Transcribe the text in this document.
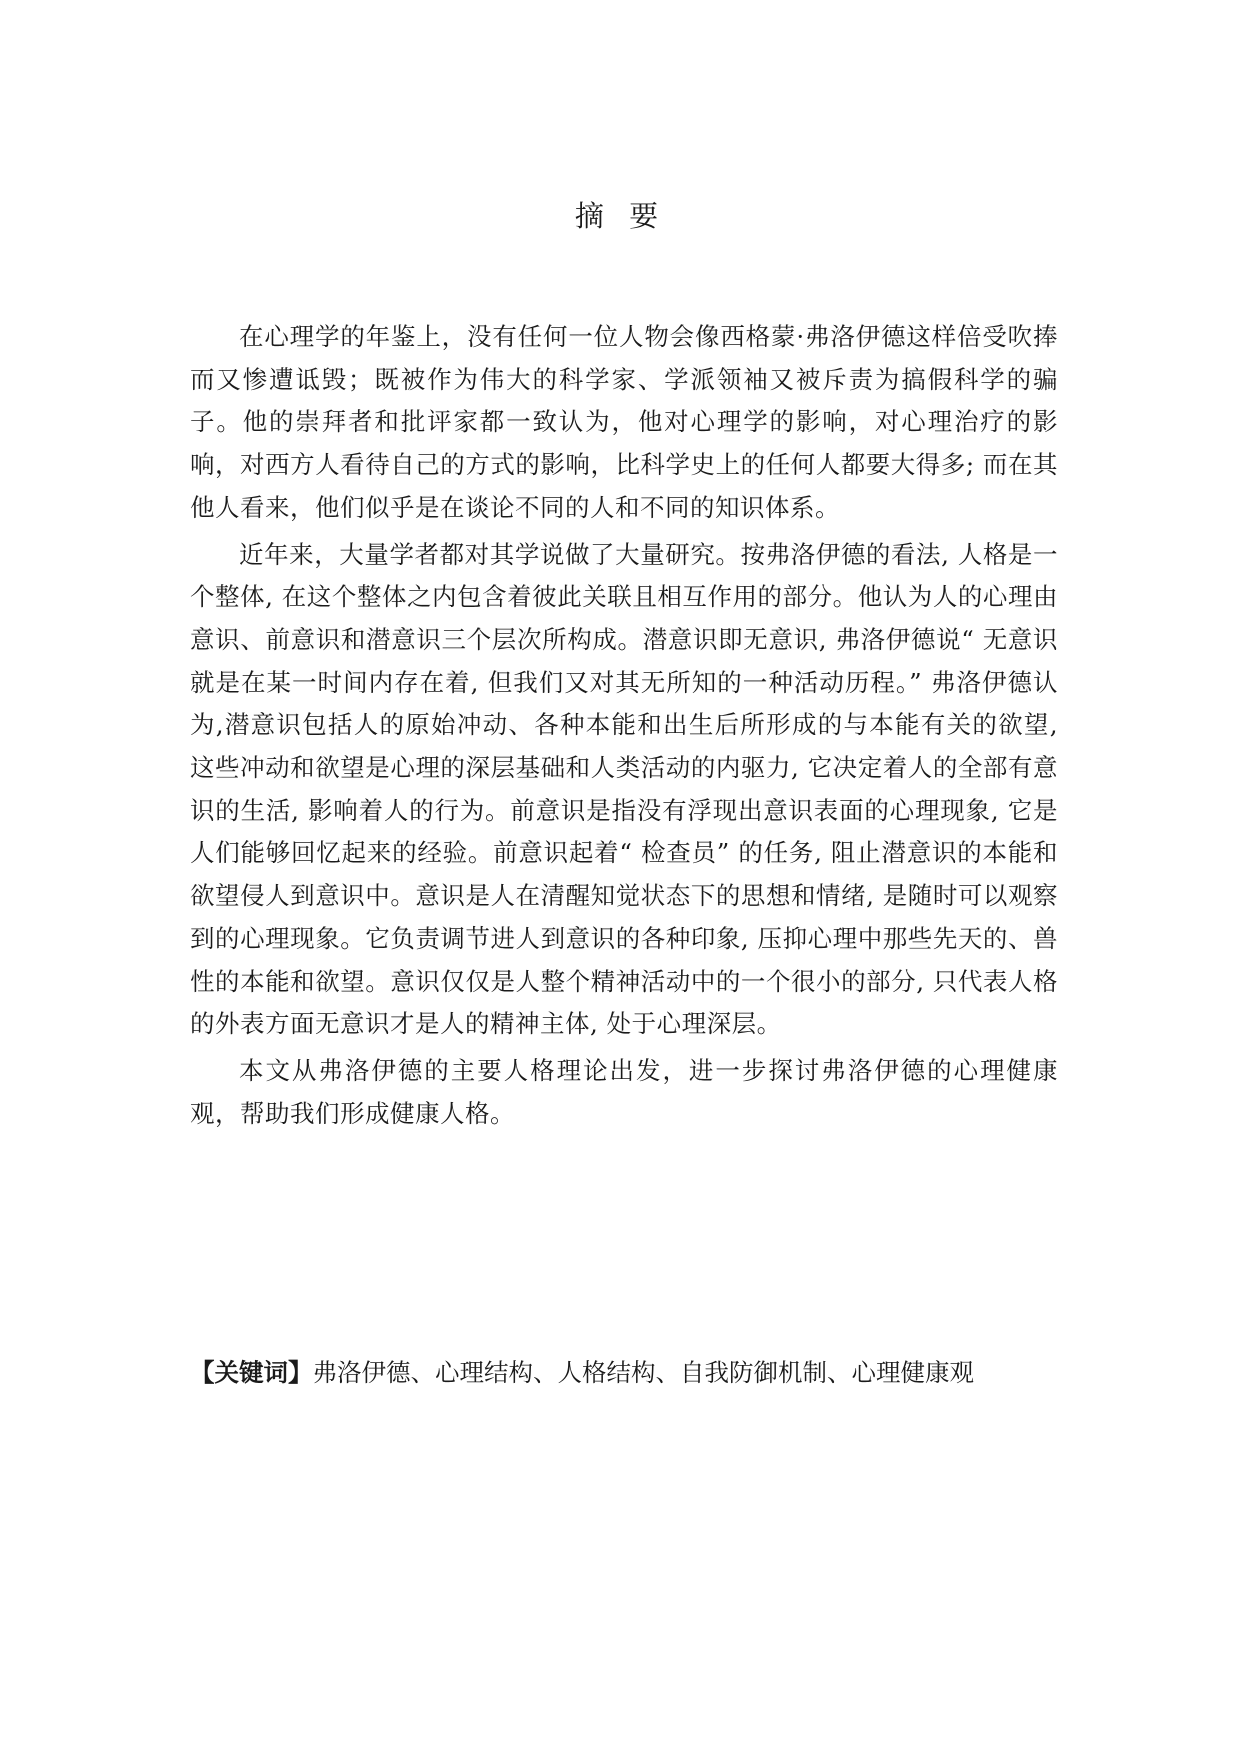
摘 要

在心理学的年鉴上，没有任何一位人物会像西格蒙·弗洛伊德这样倍受吹捧而又惨遭诋毁；既被作为伟大的科学家、学派领袖又被斥责为搞假科学的骗子。他的崇拜者和批评家都一致认为，他对心理学的影响，对心理治疗的影响，对西方人看待自己的方式的影响，比科学史上的任何人都要大得多; 而在其他人看来，他们似乎是在谈论不同的人和不同的知识体系。

近年来，大量学者都对其学说做了大量研究。按弗洛伊德的看法, 人格是一个整体, 在这个整体之内包含着彼此关联且相互作用的部分。他认为人的心理由意识、前意识和潜意识三个层次所构成。潜意识即无意识, 弗洛伊德说“ 无意识就是在某一时间内存在着, 但我们又对其无所知的一种活动历程。” 弗洛伊德认为,潜意识包括人的原始冲动、各种本能和出生后所形成的与本能有关的欲望, 这些冲动和欲望是心理的深层基础和人类活动的内驱力, 它决定着人的全部有意识的生活, 影响着人的行为。前意识是指没有浮现出意识表面的心理现象, 它是人们能够回忆起来的经验。前意识起着“ 检查员” 的任务, 阻止潜意识的本能和欲望侵人到意识中。意识是人在清醒知觉状态下的思想和情绪, 是随时可以观察到的心理现象。它负责调节进人到意识的各种印象, 压抑心理中那些先天的、兽性的本能和欲望。意识仅仅是人整个精神活动中的一个很小的部分, 只代表人格的外表方面无意识才是人的精神主体, 处于心理深层。

本文从弗洛伊德的主要人格理论出发，进一步探讨弗洛伊德的心理健康观，帮助我们形成健康人格。

【关键词】弗洛伊德、心理结构、人格结构、自我防御机制、心理健康观
